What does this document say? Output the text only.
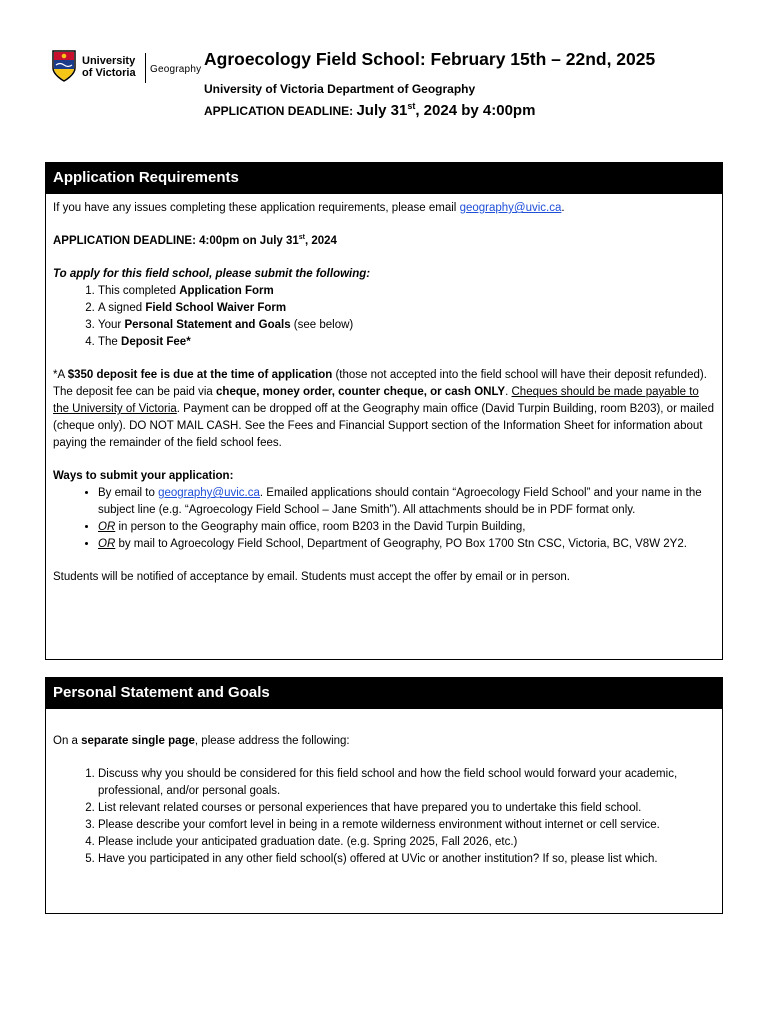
University
of Victoria Geography
Agroecology Field School: February 15th – 22nd, 2025
University of Victoria Department of Geography
APPLICATION DEADLINE: July 31st, 2024 by 4:00pm
Application Requirements

If you have any issues completing these application requirements, please email geography@uvic.ca.

APPLICATION DEADLINE: 4:00pm on July 31st, 2024

To apply for this field school, please submit the following:

1. This completed Application Form
2. A signed Field School Waiver Form
3. Your Personal Statement and Goals (see below)
4. The Deposit Fee*

*A $350 deposit fee is due at the time of application (those not accepted into the field school will have their deposit refunded). The deposit fee can be paid via cheque, money order, counter cheque, or cash ONLY. Cheques should be made payable to the University of Victoria. Payment can be dropped off at the Geography main office (David Turpin Building, room B203), or mailed (cheque only). DO NOT MAIL CASH. See the Fees and Financial Support section of the Information Sheet for information about paying the remainder of the field school fees.

Ways to submit your application:

• By email to geography@uvic.ca. Emailed applications should contain “Agroecology Field School” and your name in the subject line (e.g. “Agroecology Field School – Jane Smith”). All attachments should be in PDF format only.
• OR in person to the Geography main office, room B203 in the David Turpin Building,
• OR by mail to Agroecology Field School, Department of Geography, PO Box 1700 Stn CSC, Victoria, BC, V8W 2Y2.

Students will be notified of acceptance by email. Students must accept the offer by email or in person.

Personal Statement and Goals

On a separate single page, please address the following:

1. Discuss why you should be considered for this field school and how the field school would forward your academic, professional, and/or personal goals.
2. List relevant related courses or personal experiences that have prepared you to undertake this field school.
3. Please describe your comfort level in being in a remote wilderness environment without internet or cell service.
4. Please include your anticipated graduation date. (e.g. Spring 2025, Fall 2026, etc.)
5. Have you participated in any other field school(s) offered at UVic or another institution? If so, please list which.
